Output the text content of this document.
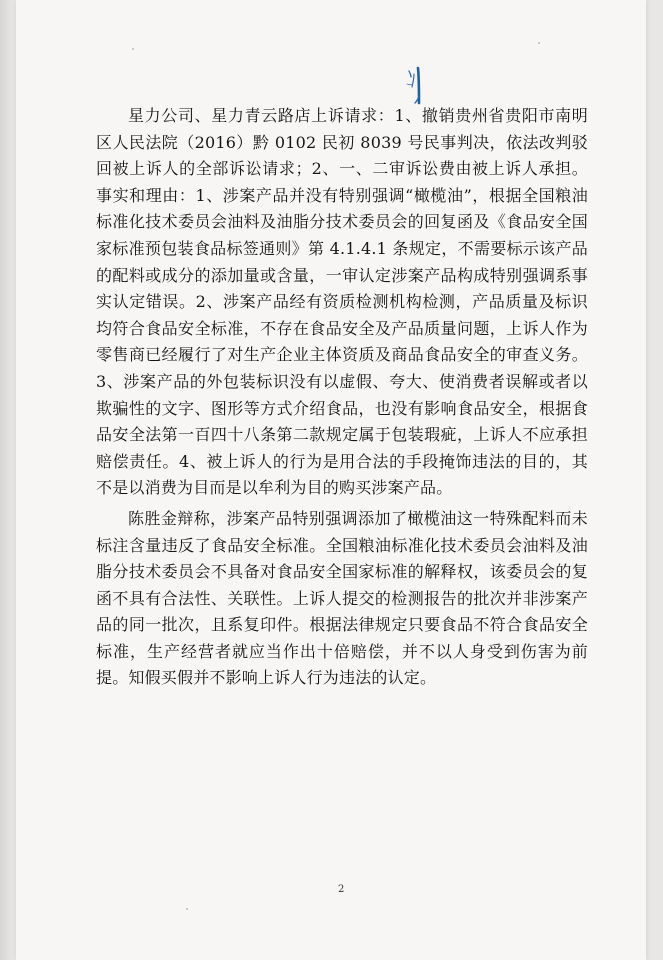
星力公司、星力青云路店上诉请求：1、撤销贵州省贵阳市南明区人民法院（2016）黔 0102 民初 8039 号民事判决，依法改判驳回被上诉人的全部诉讼请求；2、一、二审诉讼费由被上诉人承担。事实和理由：1、涉案产品并没有特别强调“橄榄油”，根据全国粮油标准化技术委员会油料及油脂分技术委员会的回复函及《食品安全国家标准预包装食品标签通则》第 4.1.4.1 条规定，不需要标示该产品的配料或成分的添加量或含量，一审认定涉案产品构成特别强调系事实认定错误。2、涉案产品经有资质检测机构检测，产品质量及标识均符合食品安全标准，不存在食品安全及产品质量问题，上诉人作为零售商已经履行了对生产企业主体资质及商品食品安全的审查义务。3、涉案产品的外包装标识没有以虚假、夸大、使消费者误解或者以欺骗性的文字、图形等方式介绍食品，也没有影响食品安全，根据食品安全法第一百四十八条第二款规定属于包装瑕疵，上诉人不应承担赔偿责任。4、被上诉人的行为是用合法的手段掩饰违法的目的，其不是以消费为目而是以牟利为目的购买涉案产品。

陈胜金辩称，涉案产品特别强调添加了橄榄油这一特殊配料而未标注含量违反了食品安全标准。全国粮油标准化技术委员会油料及油脂分技术委员会不具备对食品安全国家标准的解释权，该委员会的复函不具有合法性、关联性。上诉人提交的检测报告的批次并非涉案产品的同一批次，且系复印件。根据法律规定只要食品不符合食品安全标准，生产经营者就应当作出十倍赔偿，并不以人身受到伤害为前提。知假买假并不影响上诉人行为违法的认定。

2
